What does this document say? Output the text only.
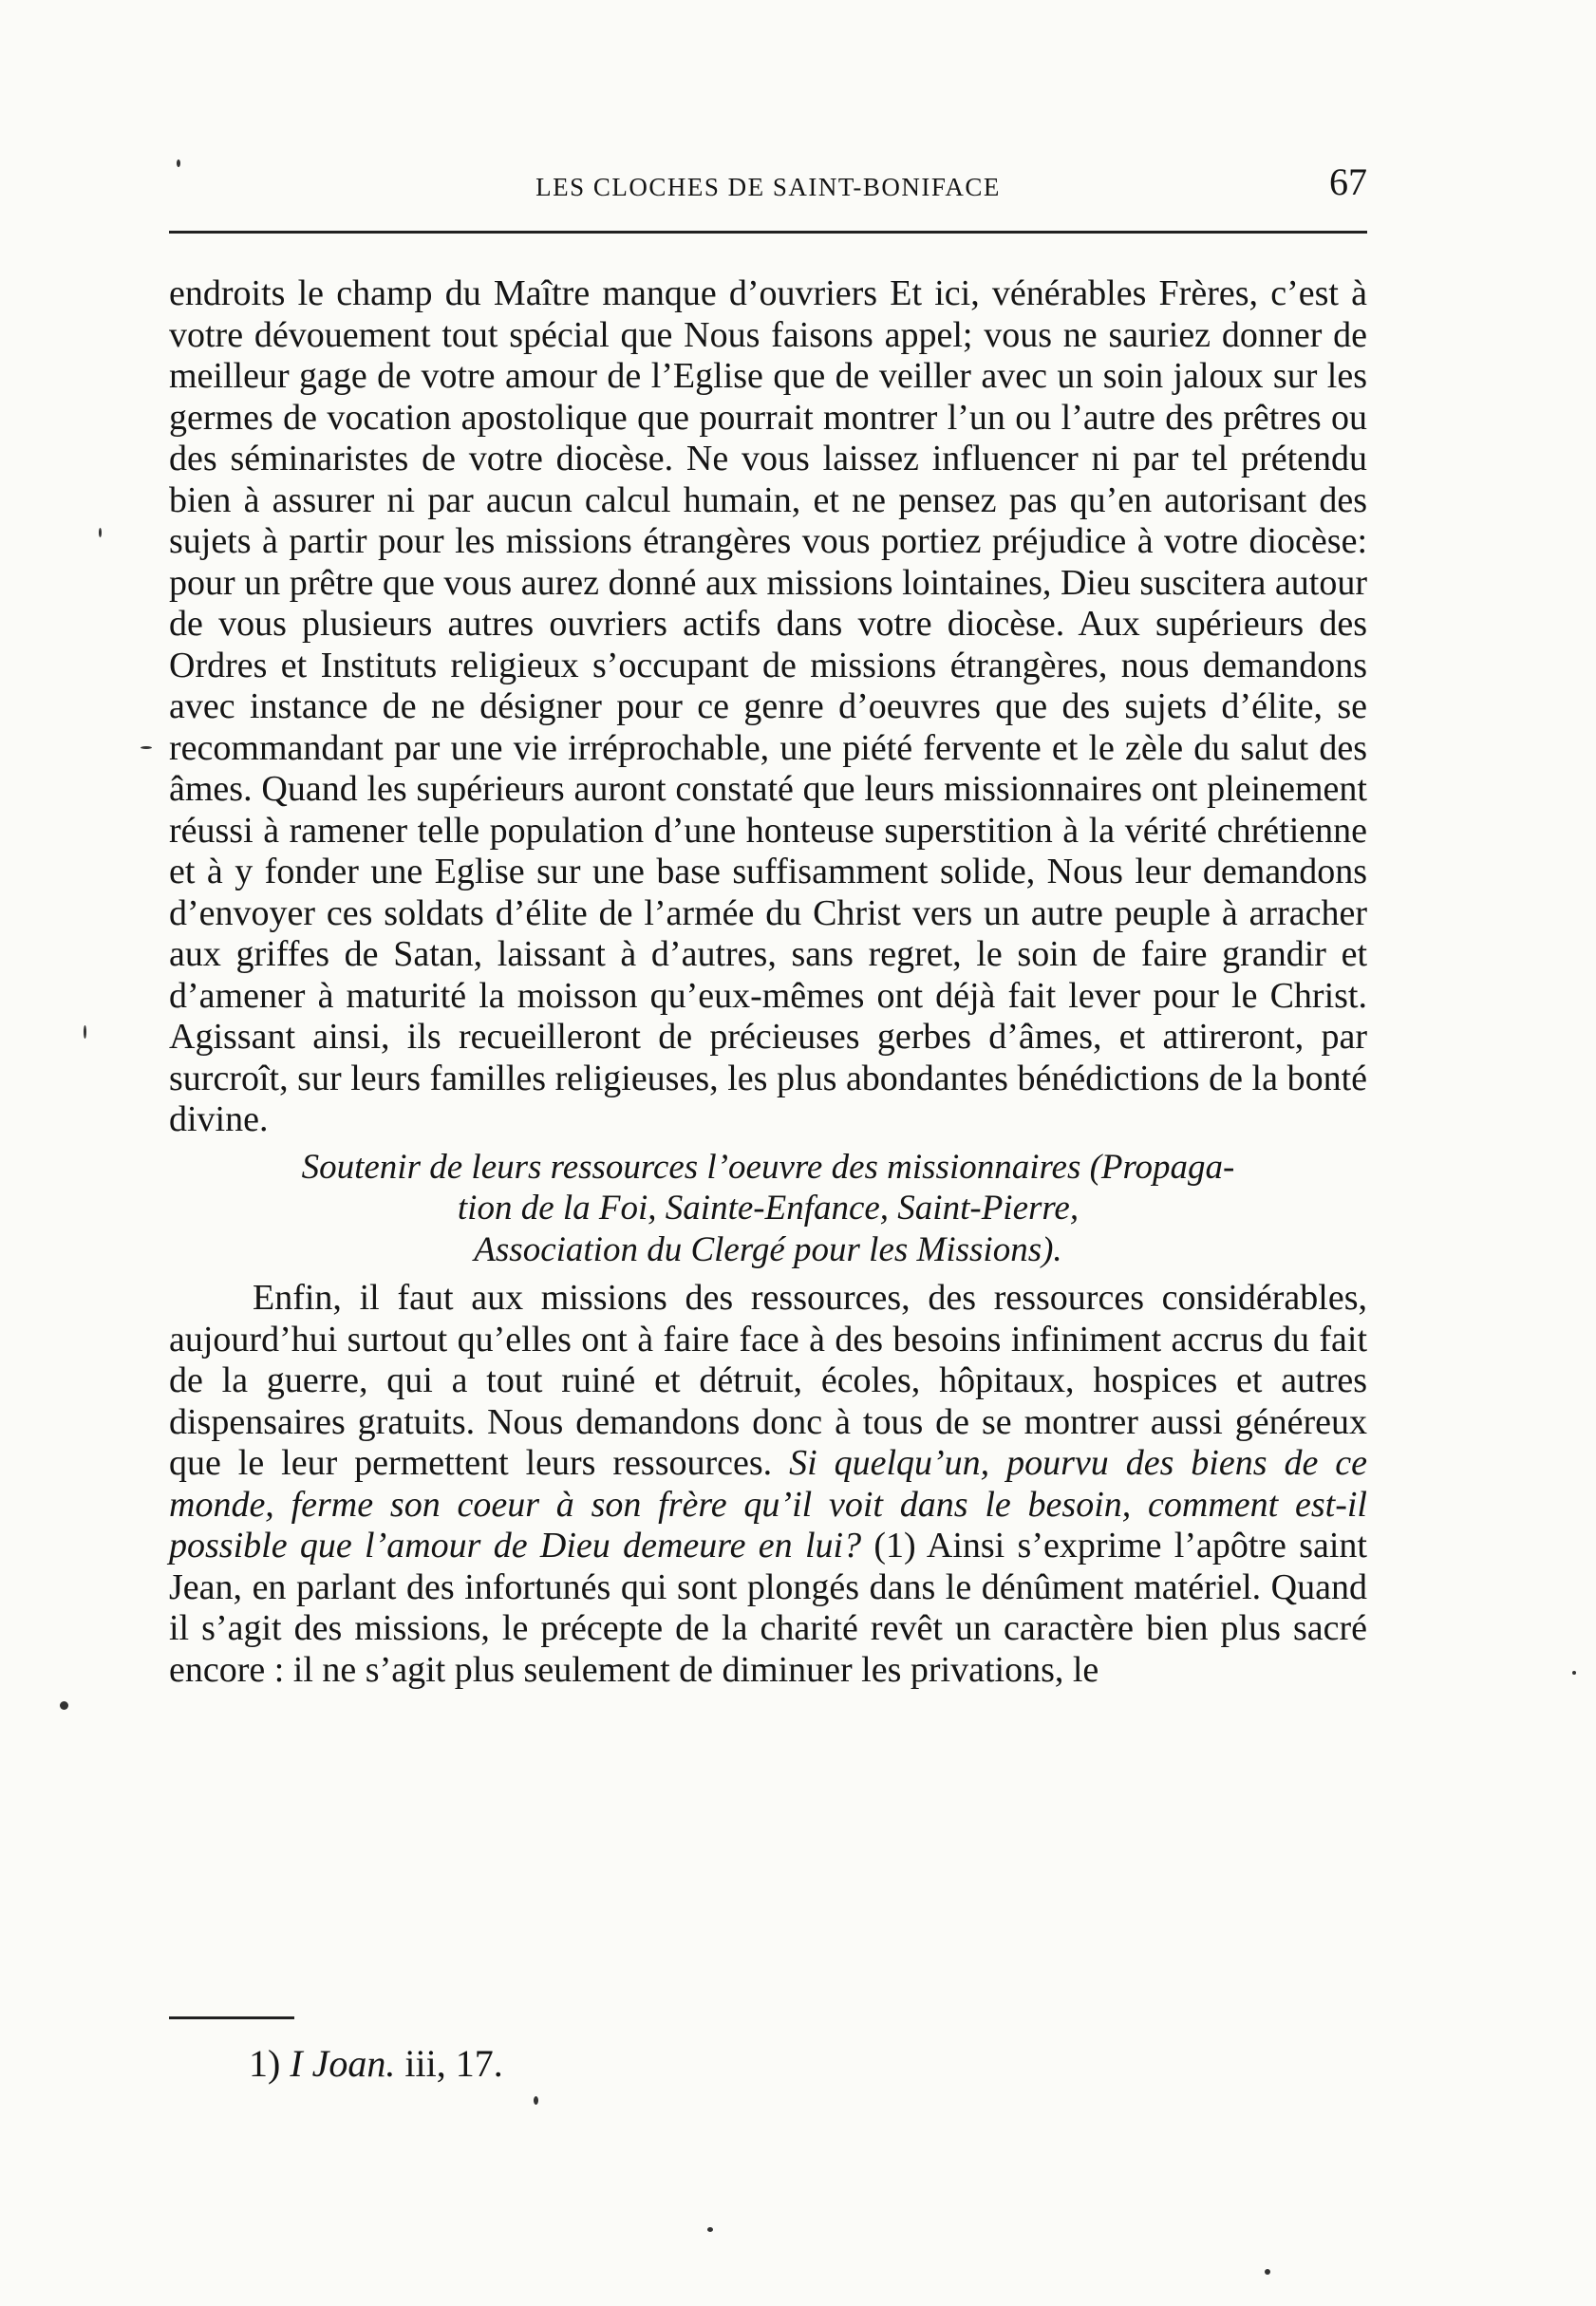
LES CLOCHES DE SAINT-BONIFACE	67

endroits le champ du Maître manque d’ouvriers Et ici, vénérables Frères, c’est à votre dévouement tout spécial que Nous faisons appel; vous ne sauriez donner de meilleur gage de votre amour de l’Eglise que de veiller avec un soin jaloux sur les germes de vocation apostolique que pourrait montrer l’un ou l’autre des prêtres ou des séminaristes de votre diocèse. Ne vous laissez influencer ni par tel prétendu bien à assurer ni par aucun calcul humain, et ne pensez pas qu’en autorisant des sujets à partir pour les missions étrangères vous portiez préjudice à votre diocèse: pour un prêtre que vous aurez donné aux missions lointaines, Dieu suscitera autour de vous plusieurs autres ouvriers actifs dans votre diocèse. Aux supérieurs des Ordres et Instituts religieux s’occupant de missions étrangères, nous demandons avec instance de ne désigner pour ce genre d’oeuvres que des sujets d’élite, se recommandant par une vie irréprochable, une piété fervente et le zèle du salut des âmes. Quand les supérieurs auront constaté que leurs missionnaires ont pleinement réussi à ramener telle population d’une honteuse superstition à la vérité chrétienne et à y fonder une Eglise sur une base suffisamment solide, Nous leur demandons d’envoyer ces soldats d’élite de l’armée du Christ vers un autre peuple à arracher aux griffes de Satan, laissant à d’autres, sans regret, le soin de faire grandir et d’amener à maturité la moisson qu’eux-mêmes ont déjà fait lever pour le Christ. Agissant ainsi, ils recueilleront de précieuses gerbes d’âmes, et attireront, par surcroît, sur leurs familles religieuses, les plus abondantes bénédictions de la bonté divine.

Soutenir de leurs ressources l’oeuvre des missionnaires (Propaga-
tion de la Foi, Sainte-Enfance, Saint-Pierre,
Association du Clergé pour les Missions).

Enfin, il faut aux missions des ressources, des ressources considérables, aujourd’hui surtout qu’elles ont à faire face à des besoins infiniment accrus du fait de la guerre, qui a tout ruiné et détruit, écoles, hôpitaux, hospices et autres dispensaires gratuits. Nous demandons donc à tous de se montrer aussi généreux que le leur permettent leurs ressources. Si quelqu’un, pourvu des biens de ce monde, ferme son coeur à son frère qu’il voit dans le besoin, comment est-il possible que l’amour de Dieu demeure en lui? (1) Ainsi s’exprime l’apôtre saint Jean, en parlant des infortunés qui sont plongés dans le dénûment matériel. Quand il s’agit des missions, le précepte de la charité revêt un caractère bien plus sacré encore : il ne s’agit plus seulement de diminuer les privations, le

1) I Joan. iii, 17.
